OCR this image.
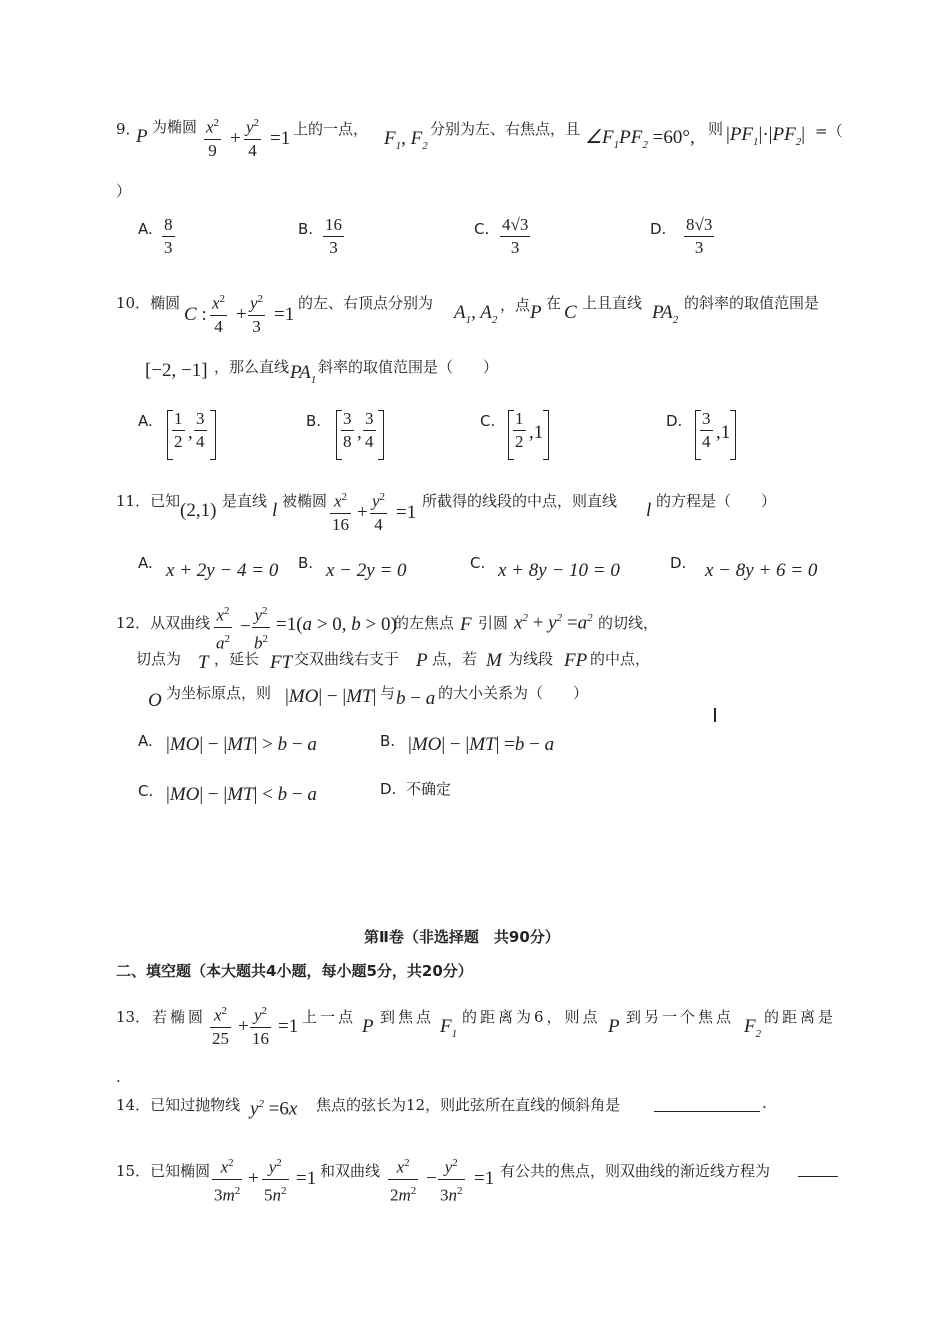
9．
P 为椭圆 $x^2$
9
+
$y^2$
4
=1 上的一点， $F_1$, $F_2$
分别为左、右焦点，且 $\angle F_1PF_2 =60^\circ$, 则 $|PF_1|\cdot|PF_2|$ =（
）
A. 8
3
B. 16
3
C. 4√3
3
D. 8√3
3
10．椭圆
C :
$x^2$
4
+
$y^2$
3
=1
的左、右顶点分别为 $A_1$, $A_2$
，点 P 在 C 上且直线 $PA_2$
的斜率的取值范围是
[−2, −1] ，那么直线 $PA_1$
斜率的取值范围是（　　）
A. 1
2 ,
3
4
B. 3
8 ,
3
4
C. 1
2 ,1
D. 3
4 ,1
11．已知 (2,1) 是直线 l 被椭圆 $x^2$
16
+
$y^2$
4
=1
所截得的线段的中点，则直线 l 的方程是（　　）
A. x + 2y − 4 = 0 B. x − 2y = 0	C. x + 8y − 10 = 0	D. x − 8y + 6 = 0
12．从双曲线 $x^2$
$a^2$
−
$y^2$
$b^2$
=1(a > 0, b > 0)
的左焦点 F 引圆 $x^2 + y^2 =a^2$ 的切线，
切点为 T ，延长 FT 交双曲线右支于 P 点，若 M 为线段 FP 的中点，
O 为坐标原点，则 |MO| − |MT| 与 b − a 的大小关系为（　　）
A. |MO| − |MT| > b − a	B. |MO| − |MT| =b − a
C. |MO| − |MT| < b − a	D. 不确定
第Ⅱ卷（非选择题　共90分）
二、填空题（本大题共4小题，每小题5分，共20分）
13． 若椭圆 $x^2$
25
+
$y^2$
16
=1 上一点 P 到焦点 $F_1$
的距离为6，则点 P 到另一个焦点 $F_2$
的距离是
.
14．已知过抛物线 $y^2 =6x$ 焦点的弦长为12，则此弦所在直线的倾斜角是	.
15．已知椭圆 $x^2$
$3m^2$
+
$y^2$
$5n^2$
=1 和双曲线 $x^2$
$2m^2$
−
$y^2$
$3n^2$
=1 有公共的焦点，则双曲线的渐近线方程为
